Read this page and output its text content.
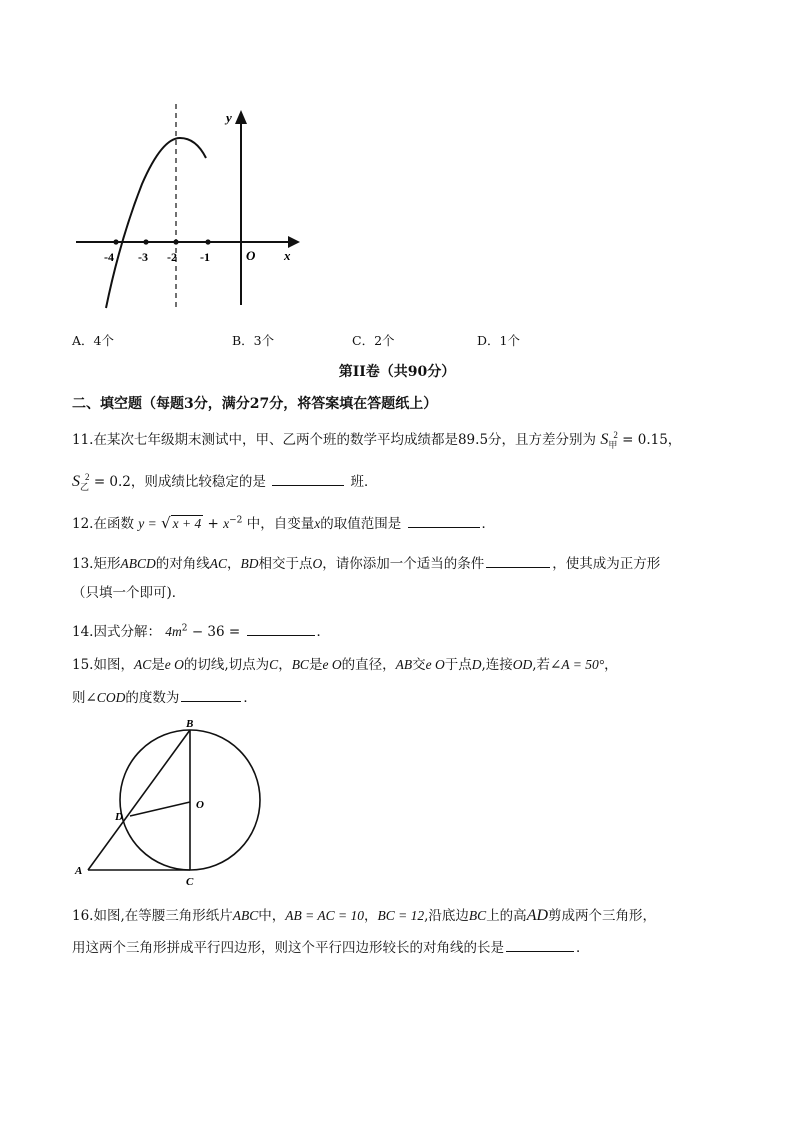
y
x
O
-4 -3 -2 -1
A．4个	B．3个	C．2个	D．1个
第II卷（共90分）
二、填空题（每题3分，满分27分，将答案填在答题纸上）
11.在某次七年级期末测试中，甲、乙两个班的数学平均成绩都是89.5分，且方差分别为 $S_甲^2 = 0.15$，
$S_乙^2 = 0.2$，则成绩比较稳定的是	班．
12.在函数 y = √ $x + 4 + x^{-2}$ 中，自变量x的取值范围是	．
13.矩形ABCD的对角线AC，BD相交于点O，请你添加一个适当的条件	，使其成为正方形
（只填一个即可)．
14.因式分解： $4m^2 - 36$ =	．
15.如图，AC是e O的切线,切点为C，BC是e O的直径，AB交e O于点D,连接OD,若∠A = 50°，
则∠COD的度数为	．
B
O
D
A
C
16.如图,在等腰三角形纸片ABC中，AB = AC = 10，BC = 12,沿底边BC上的高AD剪成两个三角形，
用这两个三角形拼成平行四边形，则这个平行四边形较长的对角线的长是	．
